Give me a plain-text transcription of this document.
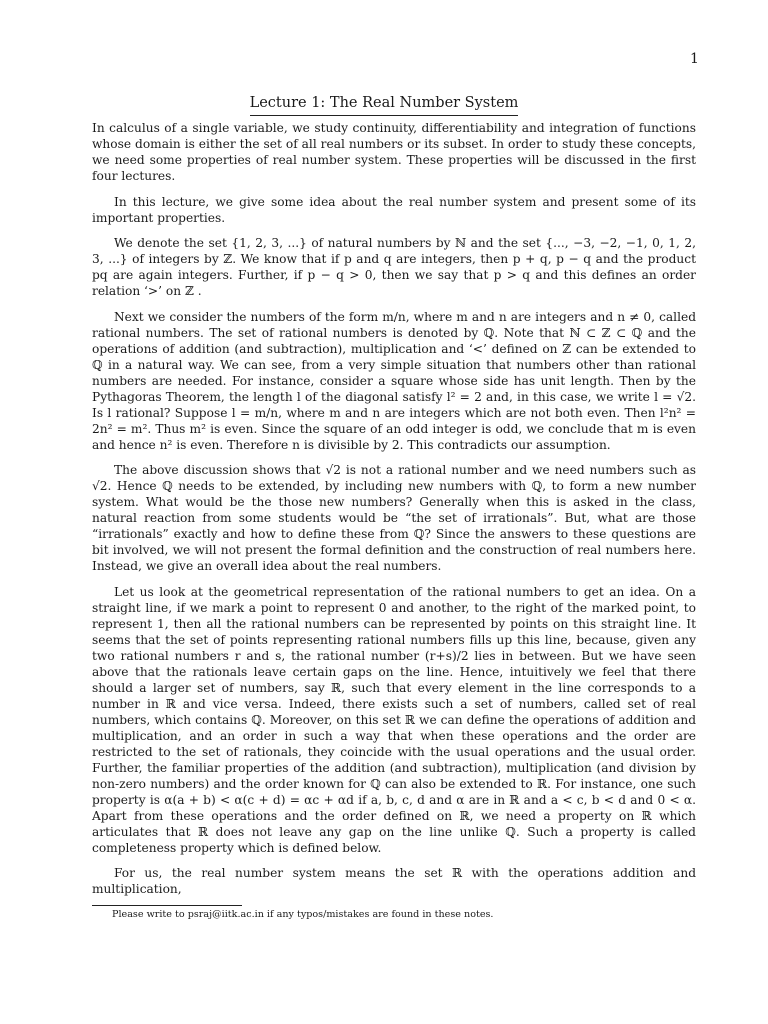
1
Lecture 1: The Real Number System

In calculus of a single variable, we study continuity, differentiability and integration of functions whose domain is either the set of all real numbers or its subset. In order to study these concepts, we need some properties of real number system. These properties will be discussed in the first four lectures.

In this lecture, we give some idea about the real number system and present some of its important properties.

We denote the set {1, 2, 3, ...} of natural numbers by ℕ and the set {..., −3, −2, −1, 0, 1, 2, 3, ...} of integers by ℤ. We know that if p and q are integers, then p + q, p − q and the product pq are again integers. Further, if p − q > 0, then we say that p > q and this defines an order relation ‘>’ on ℤ .

Next we consider the numbers of the form m/n, where m and n are integers and n ≠ 0, called rational numbers. The set of rational numbers is denoted by ℚ. Note that ℕ ⊂ ℤ ⊂ ℚ and the operations of addition (and subtraction), multiplication and ‘<’ defined on ℤ can be extended to ℚ in a natural way. We can see, from a very simple situation that numbers other than rational numbers are needed. For instance, consider a square whose side has unit length. Then by the Pythagoras Theorem, the length l of the diagonal satisfy l² = 2 and, in this case, we write l = √2. Is l rational? Suppose l = m/n, where m and n are integers which are not both even. Then l²n² = 2n² = m². Thus m² is even. Since the square of an odd integer is odd, we conclude that m is even and hence n² is even. Therefore n is divisible by 2. This contradicts our assumption.

The above discussion shows that √2 is not a rational number and we need numbers such as √2. Hence ℚ needs to be extended, by including new numbers with ℚ, to form a new number system. What would be the those new numbers? Generally when this is asked in the class, natural reaction from some students would be “the set of irrationals”. But, what are those “irrationals” exactly and how to define these from ℚ? Since the answers to these questions are bit involved, we will not present the formal definition and the construction of real numbers here. Instead, we give an overall idea about the real numbers.

Let us look at the geometrical representation of the rational numbers to get an idea. On a straight line, if we mark a point to represent 0 and another, to the right of the marked point, to represent 1, then all the rational numbers can be represented by points on this straight line. It seems that the set of points representing rational numbers fills up this line, because, given any two rational numbers r and s, the rational number (r+s)/2 lies in between. But we have seen above that the rationals leave certain gaps on the line. Hence, intuitively we feel that there should a larger set of numbers, say ℝ, such that every element in the line corresponds to a number in ℝ and vice versa. Indeed, there exists such a set of numbers, called set of real numbers, which contains ℚ. Moreover, on this set ℝ we can define the operations of addition and multiplication, and an order in such a way that when these operations and the order are restricted to the set of rationals, they coincide with the usual operations and the usual order. Further, the familiar properties of the addition (and subtraction), multiplication (and division by non-zero numbers) and the order known for ℚ can also be extended to ℝ. For instance, one such property is α(a + b) < α(c + d) = αc + αd if a, b, c, d and α are in ℝ and a < c, b < d and 0 < α. Apart from these operations and the order defined on ℝ, we need a property on ℝ which articulates that ℝ does not leave any gap on the line unlike ℚ. Such a property is called completeness property which is defined below.

For us, the real number system means the set ℝ with the operations addition and multiplication,

Please write to psraj@iitk.ac.in if any typos/mistakes are found in these notes.
